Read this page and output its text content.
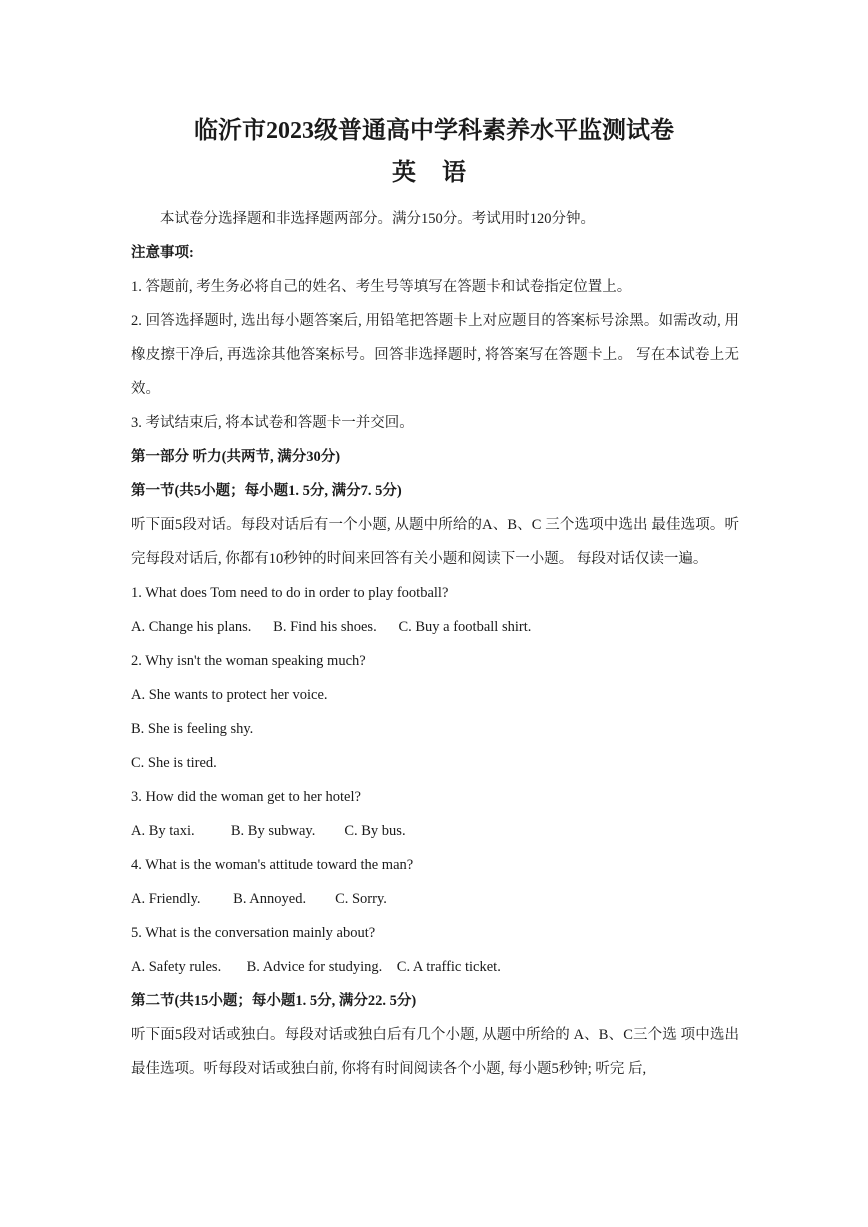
临沂市2023级普通高中学科素养水平监测试卷
英 语

本试卷分选择题和非选择题两部分。满分150分。考试用时120分钟。

注意事项:

1. 答题前, 考生务必将自己的姓名、考生号等填写在答题卡和试卷指定位置上。

2. 回答选择题时, 选出每小题答案后, 用铅笔把答题卡上对应题目的答案标号涂黑。如需改动, 用橡皮擦干净后, 再选涂其他答案标号。回答非选择题时, 将答案写在答题卡上。 写在本试卷上无效。

3. 考试结束后, 将本试卷和答题卡一并交回。

第一部分 听力(共两节, 满分30分)

第一节(共5小题；每小题1. 5分, 满分7. 5分)

听下面5段对话。每段对话后有一个小题, 从题中所给的A、B、C 三个选项中选出 最佳选项。听完每段对话后, 你都有10秒钟的时间来回答有关小题和阅读下一小题。 每段对话仅读一遍。

1. What does Tom need to do in order to play football?

A. Change his plans.      B. Find his shoes.      C. Buy a football shirt.

2. Why isn't the woman speaking much?

A. She wants to protect her voice.

B. She is feeling shy.

C. She is tired.

3. How did the woman get to her hotel?

A. By taxi.          B. By subway.        C. By bus.

4. What is the woman's attitude toward the man?

A. Friendly.         B. Annoyed.        C. Sorry.

5. What is the conversation mainly about?

A. Safety rules.       B. Advice for studying.    C. A traffic ticket.

第二节(共15小题；每小题1. 5分, 满分22. 5分)

听下面5段对话或独白。每段对话或独白后有几个小题, 从题中所给的 A、B、C三个选 项中选出最佳选项。听每段对话或独白前, 你将有时间阅读各个小题, 每小题5秒钟; 听完 后,
